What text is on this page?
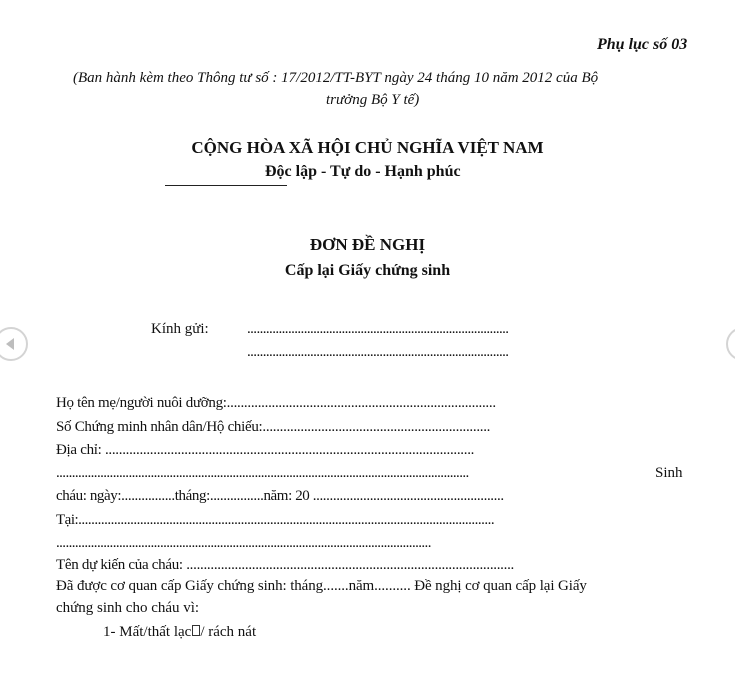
Phụ lục số 03
(Ban hành kèm theo Thông tư số : 17/2012/TT-BYT ngày 24 tháng 10 năm 2012 của Bộ
trưởng Bộ Y tế)
CỘNG HÒA XÃ HỘI CHỦ NGHĨA VIỆT NAM
Độc lập - Tự do - Hạnh phúc
ĐƠN ĐỀ NGHỊ
Cấp lại Giấy chứng sinh
Kính gửi:	...................................................................................
...................................................................................
Họ tên mẹ/người nuôi dưỡng:..............................................................................
Số Chứng minh nhân dân/Hộ chiếu:..................................................................
Địa chỉ: ...........................................................................................................
...................................................................................................................................	Sinh
cháu: ngày:................tháng:................năm: 20 .........................................................
Tại:................................................................................................................................
.......................................................................................................................
Tên dự kiến của cháu: ...............................................................................................
Đã được cơ quan cấp Giấy chứng sinh: tháng.......năm.......... Đề nghị cơ quan cấp lại Giấy
chứng sinh cho cháu vì:
1- Mất/thất lạc / rách nát
